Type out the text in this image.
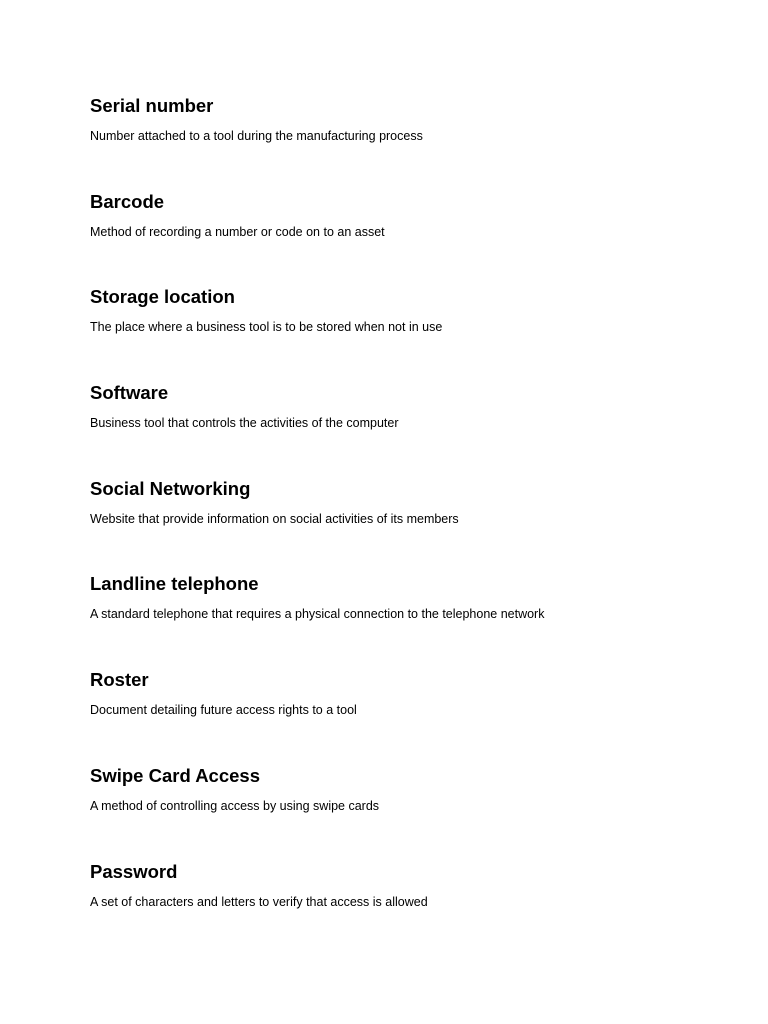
Serial number

Number attached to a tool during the manufacturing process

Barcode

Method of recording a number or code on to an asset

Storage location

The place where a business tool is to be stored when not in use

Software

Business tool that controls the activities of the computer

Social Networking

Website that provide information on social activities of its members

Landline telephone

A standard telephone that requires a physical connection to the telephone network

Roster

Document detailing future access rights to a tool

Swipe Card Access

A method of controlling access by using swipe cards

Password

A set of characters and letters to verify that access is allowed
